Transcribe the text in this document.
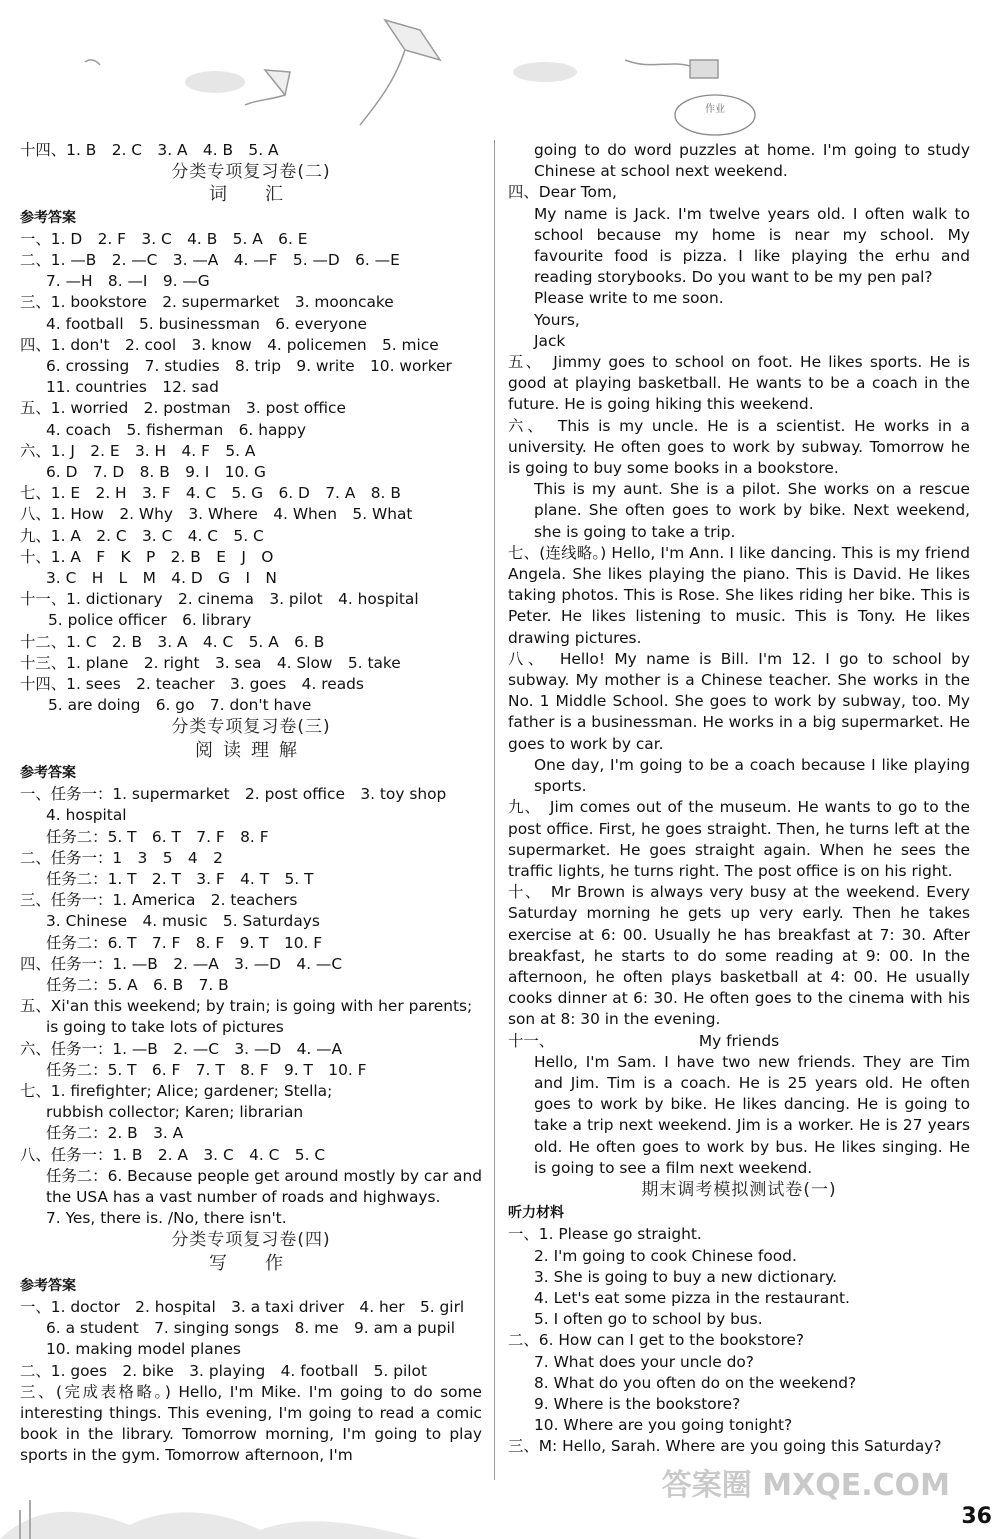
作业
十四、1. B　2. C　3. A　4. B　5. A
分类专项复习卷(二)
词　汇
参考答案
一、1. D　2. F　3. C　4. B　5. A　6. E
二、1. —B　2. —C　3. —A　4. —F　5. —D　6. —E
7. —H　8. —I　9. —G
三、1. bookstore　2. supermarket　3. mooncake
4. football　5. businessman　6. everyone
四、1. don't　2. cool　3. know　4. policemen　5. mice
6. crossing　7. studies　8. trip　9. write　10. worker
11. countries　12. sad
五、1. worried　2. postman　3. post office
4. coach　5. fisherman　6. happy
六、1. J　2. E　3. H　4. F　5. A
6. D　7. D　8. B　9. I　10. G
七、1. E　2. H　3. F　4. C　5. G　6. D　7. A　8. B
八、1. How　2. Why　3. Where　4. When　5. What
九、1. A　2. C　3. C　4. C　5. C
十、1. A　F　K　P　2. B　E　J　O
3. C　H　L　M　4. D　G　I　N
十一、1. dictionary　2. cinema　3. pilot　4. hospital
5. police officer　6. library
十二、1. C　2. B　3. A　4. C　5. A　6. B
十三、1. plane　2. right　3. sea　4. Slow　5. take
十四、1. sees　2. teacher　3. goes　4. reads
5. are doing　6. go　7. don't have
分类专项复习卷(三)
阅读理解
参考答案
一、任务一：1. supermarket　2. post office　3. toy shop
4. hospital
任务二：5. T　6. T　7. F　8. F
二、任务一：1　3　5　4　2
任务二：1. T　2. T　3. F　4. T　5. T
三、任务一：1. America　2. teachers
3. Chinese　4. music　5. Saturdays
任务二：6. T　7. F　8. F　9. T　10. F
四、任务一：1. —B　2. —A　3. —D　4. —C
任务二：5. A　6. B　7. B
五、Xi'an this weekend; by train; is going with her parents;
is going to take lots of pictures
六、任务一：1. —B　2. —C　3. —D　4. —A
任务二：5. T　6. F　7. T　8. F　9. T　10. F
七、1. firefighter; Alice; gardener; Stella;
rubbish collector; Karen; librarian
任务二：2. B　3. A
八、任务一：1. B　2. A　3. C　4. C　5. C
任务二：6. Because people get around mostly by car and
the USA has a vast number of roads and highways.
7. Yes, there is. /No, there isn't.
分类专项复习卷(四)
写　作
参考答案
一、1. doctor　2. hospital　3. a taxi driver　4. her　5. girl
6. a student　7. singing songs　8. me　9. am a pupil
10. making model planes
二、1. goes　2. bike　3. playing　4. football　5. pilot
三、(完成表格略。) Hello, I'm Mike. I'm going to do some interesting things. This evening, I'm going to read a comic book in the library. Tomorrow morning, I'm going to play sports in the gym. Tomorrow afternoon, I'm
going to do word puzzles at home. I'm going to study Chinese at school next weekend.
四、Dear Tom,
My name is Jack. I'm twelve years old. I often walk to school because my home is near my school. My favourite food is pizza. I like playing the erhu and reading storybooks. Do you want to be my pen pal?
Please write to me soon.
Yours,
Jack
五、　Jimmy goes to school on foot. He likes sports. He is good at playing basketball. He wants to be a coach in the future. He is going hiking this weekend.
六、　This is my uncle. He is a scientist. He works in a university. He often goes to work by subway. Tomorrow he is going to buy some books in a bookstore.
This is my aunt. She is a pilot. She works on a rescue plane. She often goes to work by bike. Next weekend, she is going to take a trip.
七、(连线略。) Hello, I'm Ann. I like dancing. This is my friend Angela. She likes playing the piano. This is David. He likes taking photos. This is Rose. She likes riding her bike. This is Peter. He likes listening to music. This is Tony. He likes drawing pictures.
八、　Hello! My name is Bill. I'm 12. I go to school by subway. My mother is a Chinese teacher. She works in the No. 1 Middle School. She goes to work by subway, too. My father is a businessman. He works in a big supermarket. He goes to work by car.
One day, I'm going to be a coach because I like playing sports.
九、　Jim comes out of the museum. He wants to go to the post office. First, he goes straight. Then, he turns left at the supermarket. He goes straight again. When he sees the traffic lights, he turns right. The post office is on his right.
十、　Mr Brown is always very busy at the weekend. Every Saturday morning he gets up very early. Then he takes exercise at 6: 00. Usually he has breakfast at 7: 30. After breakfast, he starts to do some reading at 9: 00. In the afternoon, he often plays basketball at 4: 00. He usually cooks dinner at 6: 30. He often goes to the cinema with his son at 8: 30 in the evening.
十一、	My friends
Hello, I'm Sam. I have two new friends. They are Tim and Jim. Tim is a coach. He is 25 years old. He often goes to work by bike. He likes dancing. He is going to take a trip next weekend. Jim is a worker. He is 27 years old. He often goes to work by bus. He likes singing. He is going to see a film next weekend.
期末调考模拟测试卷(一)
听力材料
一、1. Please go straight.
2. I'm going to cook Chinese food.
3. She is going to buy a new dictionary.
4. Let's eat some pizza in the restaurant.
5. I often go to school by bus.
二、6. How can I get to the bookstore?
7. What does your uncle do?
8. What do you often do on the weekend?
9. Where is the bookstore?
10. Where are you going tonight?
三、M: Hello, Sarah. Where are you going this Saturday?
答案圈 MXQE.COM
36
